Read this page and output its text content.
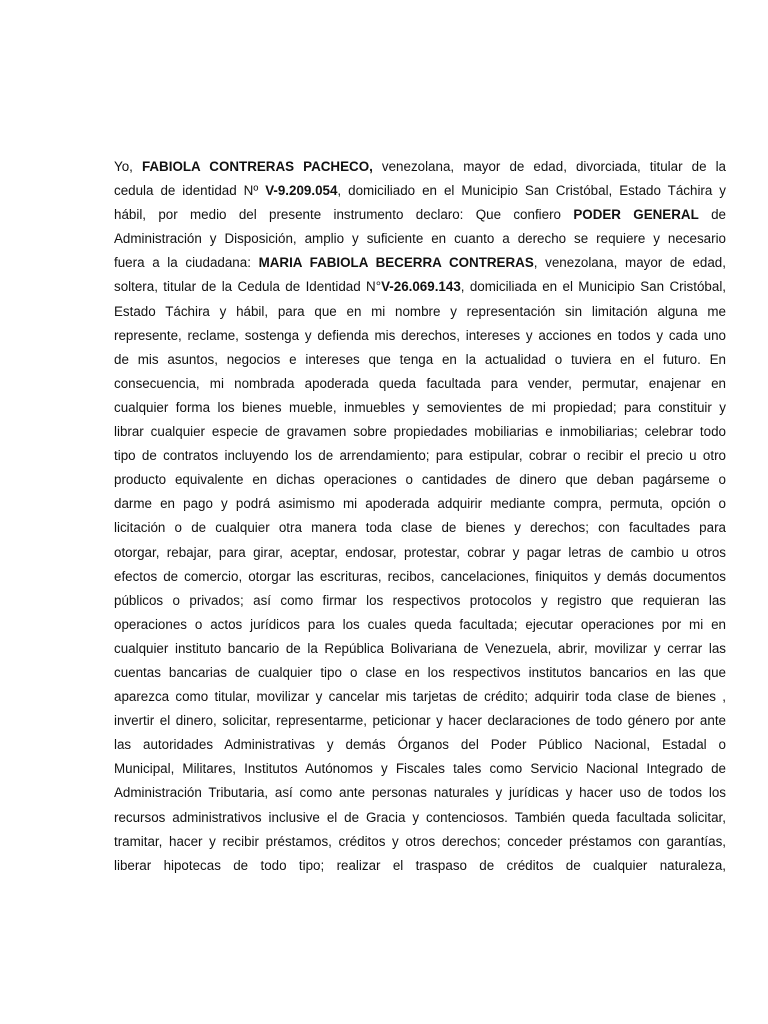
Yo, FABIOLA CONTRERAS PACHECO, venezolana, mayor de edad, divorciada, titular de la
cedula de identidad Nº V-9.209.054, domiciliado en el Municipio San Cristóbal, Estado Táchira y
hábil, por medio del presente instrumento declaro: Que confiero PODER GENERAL de
Administración y Disposición, amplio y suficiente en cuanto a derecho se requiere y necesario
fuera a la ciudadana: MARIA FABIOLA BECERRA CONTRERAS, venezolana, mayor de edad,
soltera, titular de la Cedula de Identidad N°V-26.069.143, domiciliada en el Municipio San Cristóbal,
Estado Táchira y hábil, para que en mi nombre y representación sin limitación alguna me
represente, reclame, sostenga y defienda mis derechos, intereses y acciones en todos y cada uno
de mis asuntos, negocios e intereses que tenga en la actualidad o tuviera en el futuro. En
consecuencia, mi nombrada apoderada queda facultada para vender, permutar, enajenar en
cualquier forma los bienes mueble, inmuebles y semovientes de mi propiedad; para constituir y
librar cualquier especie de gravamen sobre propiedades mobiliarias e inmobiliarias; celebrar todo
tipo de contratos incluyendo los de arrendamiento; para estipular, cobrar o recibir el precio u otro
producto equivalente en dichas operaciones o cantidades de dinero que deban pagárseme o
darme en pago y podrá asimismo mi apoderada adquirir mediante compra, permuta, opción o
licitación o de cualquier otra manera toda clase de bienes y derechos; con facultades para
otorgar, rebajar, para girar, aceptar, endosar, protestar, cobrar y pagar letras de cambio u otros
efectos de comercio, otorgar las escrituras, recibos, cancelaciones, finiquitos y demás documentos
públicos o privados; así como firmar los respectivos protocolos y registro que requieran las
operaciones o actos jurídicos para los cuales queda facultada; ejecutar operaciones por mi en
cualquier instituto bancario de la República Bolivariana de Venezuela, abrir, movilizar y cerrar las
cuentas bancarias de cualquier tipo o clase en los respectivos institutos bancarios en las que
aparezca como titular, movilizar y cancelar mis tarjetas de crédito; adquirir toda clase de bienes ,
invertir el dinero, solicitar, representarme, peticionar y hacer declaraciones de todo género por ante
las autoridades Administrativas y demás Órganos del Poder Público Nacional, Estadal o
Municipal, Militares, Institutos Autónomos y Fiscales tales como Servicio Nacional Integrado de
Administración Tributaria, así como ante personas naturales y jurídicas y hacer uso de todos los
recursos administrativos inclusive el de Gracia y contenciosos. También queda facultada solicitar,
tramitar, hacer y recibir préstamos, créditos y otros derechos; conceder préstamos con garantías,
liberar hipotecas de todo tipo; realizar el traspaso de créditos de cualquier naturaleza,
